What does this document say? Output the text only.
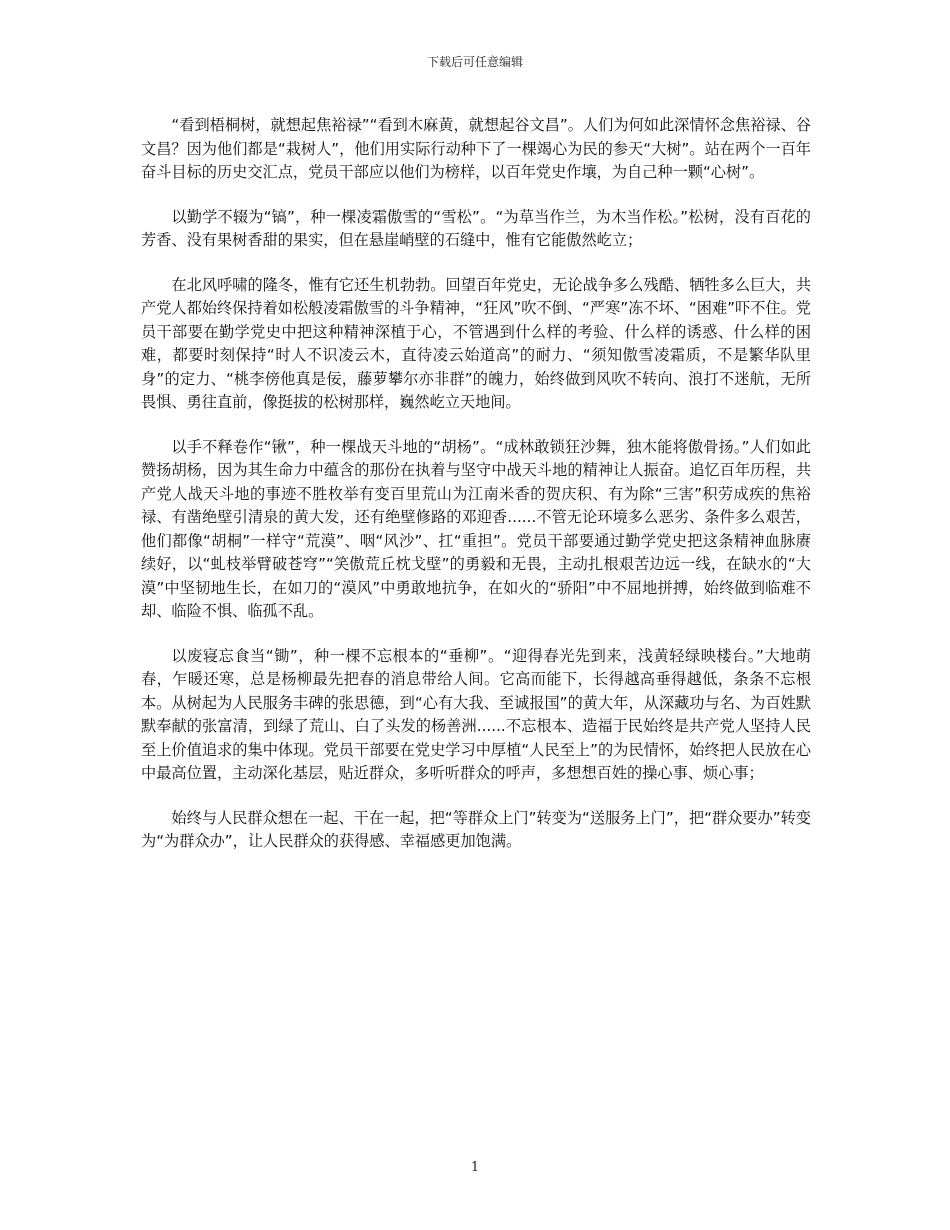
下载后可任意编辑

“看到梧桐树，就想起焦裕禄”“看到木麻黄，就想起谷文昌”。人们为何如此深情怀念焦裕禄、谷文昌？因为他们都是“栽树人”，他们用实际行动种下了一棵竭心为民的参天“大树”。站在两个一百年奋斗目标的历史交汇点，党员干部应以他们为榜样，以百年党史作壤，为自己种一颗“心树”。

以勤学不辍为“镐”，种一棵凌霜傲雪的“雪松”。“为草当作兰，为木当作松。”松树，没有百花的芳香、没有果树香甜的果实，但在悬崖峭壁的石缝中，惟有它能傲然屹立；

在北风呼啸的隆冬，惟有它还生机勃勃。回望百年党史，无论战争多么残酷、牺牲多么巨大，共产党人都始终保持着如松般凌霜傲雪的斗争精神，“狂风”吹不倒、“严寒”冻不坏、“困难”吓不住。党员干部要在勤学党史中把这种精神深植于心，不管遇到什么样的考验、什么样的诱惑、什么样的困难，都要时刻保持“时人不识凌云木，直待凌云始道高”的耐力、“须知傲雪凌霜质，不是繁华队里身”的定力、“桃李傍他真是佞，藤萝攀尔亦非群”的魄力，始终做到风吹不转向、浪打不迷航，无所畏惧、勇往直前，像挺拔的松树那样，巍然屹立天地间。

以手不释卷作“锹”，种一棵战天斗地的“胡杨”。“成林敢锁狂沙舞，独木能将傲骨扬。”人们如此赞扬胡杨，因为其生命力中蕴含的那份在执着与坚守中战天斗地的精神让人振奋。追忆百年历程，共产党人战天斗地的事迹不胜枚举有变百里荒山为江南米香的贺庆积、有为除“三害”积劳成疾的焦裕禄、有凿绝壁引清泉的黄大发，还有绝壁修路的邓迎香......不管无论环境多么恶劣、条件多么艰苦，他们都像“胡桐”一样守“荒漠”、咽“风沙”、扛“重担”。党员干部要通过勤学党史把这条精神血脉赓续好，以“虬枝举臂破苍穹”“笑傲荒丘枕戈壁”的勇毅和无畏，主动扎根艰苦边远一线，在缺水的“大漠”中坚韧地生长，在如刀的“漠风”中勇敢地抗争，在如火的“骄阳”中不屈地拼搏，始终做到临难不却、临险不惧、临孤不乱。

以废寝忘食当“锄”，种一棵不忘根本的“垂柳”。“迎得春光先到来，浅黄轻绿映楼台。”大地萌春，乍暖还寒，总是杨柳最先把春的消息带给人间。它高而能下，长得越高垂得越低，条条不忘根本。从树起为人民服务丰碑的张思德，到“心有大我、至诚报国”的黄大年，从深藏功与名、为百姓默默奉献的张富清，到绿了荒山、白了头发的杨善洲......不忘根本、造福于民始终是共产党人坚持人民至上价值追求的集中体现。党员干部要在党史学习中厚植“人民至上”的为民情怀，始终把人民放在心中最高位置，主动深化基层，贴近群众，多听听群众的呼声，多想想百姓的操心事、烦心事；

始终与人民群众想在一起、干在一起，把“等群众上门”转变为“送服务上门”，把“群众要办”转变为“为群众办”，让人民群众的获得感、幸福感更加饱满。

1
